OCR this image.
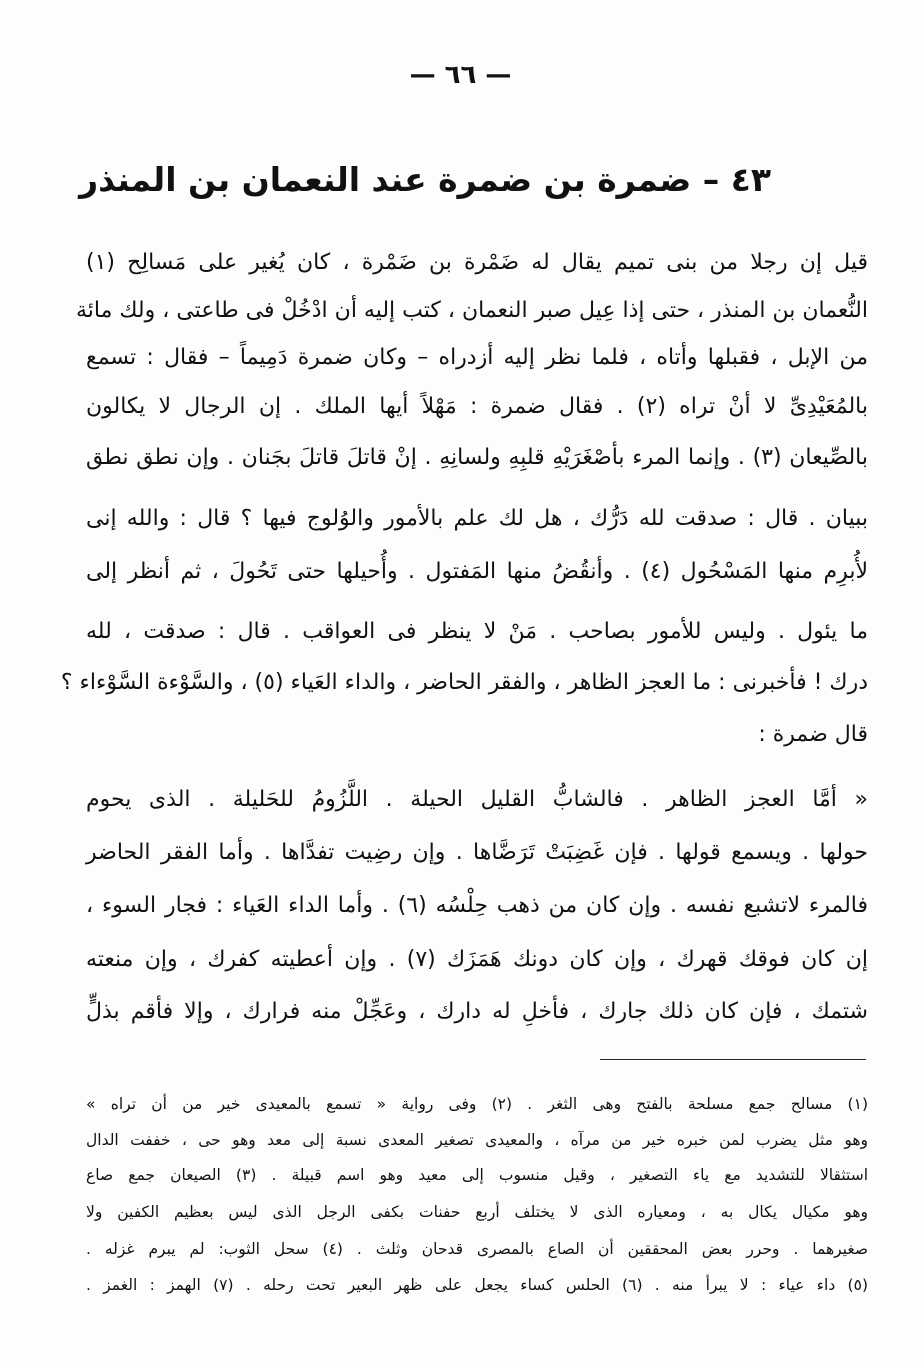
— ٦٦ —
٤٣ – ضمرة بن ضمرة عند النعمان بن المنذر
قيل إن رجلا من بنى تميم يقال له ضَمْرة بن ضَمْرة ، كان يُغير على مَسالِح (١)
النُّعمان بن المنذر ، حتى إذا عِيل صبر النعمان ، كتب إليه أن ادْخُلْ فى طاعتى ، ولك مائة
من الإبل ، فقبلها وأتاه ، فلما نظر إليه أزدراه – وكان ضمرة دَمِيماً – فقال : تسمع
بالمُعَيْدِىِّ لا أنْ تراه (٢) . فقال ضمرة : مَهْلاً أيها الملك . إن الرجال لا يكالون
بالصِّيعان (٣) . وإنما المرء بأصْغَرَيْهِ قلبِهِ ولسانِهِ . إنْ قاتلَ قاتلَ بجَنان . وإن نطق نطق
ببيان . قال : صدقت لله دَرُّك ، هل لك علم بالأمور والوُلوج فيها ؟ قال : والله إنى
لأُبرِم منها المَسْحُول (٤) . وأنقُضُ منها المَفتول . وأُحيلها حتى تَحُولَ ، ثم أنظر إلى
ما يئول . وليس للأمور بصاحب . مَنْ لا ينظر فى العواقب . قال : صدقت ، لله
درك ! فأخبرنى : ما العجز الظاهر ، والفقر الحاضر ، والداء العَياء (٥) ، والسَّوْءة السَّوْءاء ؟
قال ضمرة :
« أمَّا العجز الظاهر . فالشابُّ القليل الحيلة . اللَّزُومُ للحَليلة . الذى يحوم
حولها . ويسمع قولها . فإن غَضِبَتْ تَرَضَّاها . وإن رضِيت تفدَّاها . وأما الفقر الحاضر
فالمرء لاتشبع نفسه . وإن كان من ذهب حِلْسُه (٦) . وأما الداء العَياء : فجار السوء ،
إن كان فوقك قهرك ، وإن كان دونك هَمَزَك (٧) . وإن أعطيته كفرك ، وإن منعته
شتمك ، فإن كان ذلك جارك ، فأخلِ له دارك ، وعَجِّلْ منه فرارك ، وإلا فأقم بذلٍّ
(١) مسالح جمع مسلحة بالفتح وهى الثغر . (٢) وفى رواية « تسمع بالمعيدى خير من أن تراه »
وهو مثل يضرب لمن خبره خير من مرآه ، والمعيدى تصغير المعدى نسبة إلى معد وهو حى ، خففت الدال
استثقالا للتشديد مع ياء التصغير ، وقيل منسوب إلى معيد وهو اسم قبيلة . (٣) الصيعان جمع صاع
وهو مكيال يكال به ، ومعياره الذى لا يختلف أربع حفنات بكفى الرجل الذى ليس بعظيم الكفين ولا
صغيرهما . وحرر بعض المحققين أن الصاع بالمصرى قدحان وثلث . (٤) سحل الثوب: لم يبرم غزله .
(٥) داء عياء : لا يبرأ منه . (٦) الحلس كساء يجعل على ظهر البعير تحت رحله . (٧) الهمز : الغمز .
